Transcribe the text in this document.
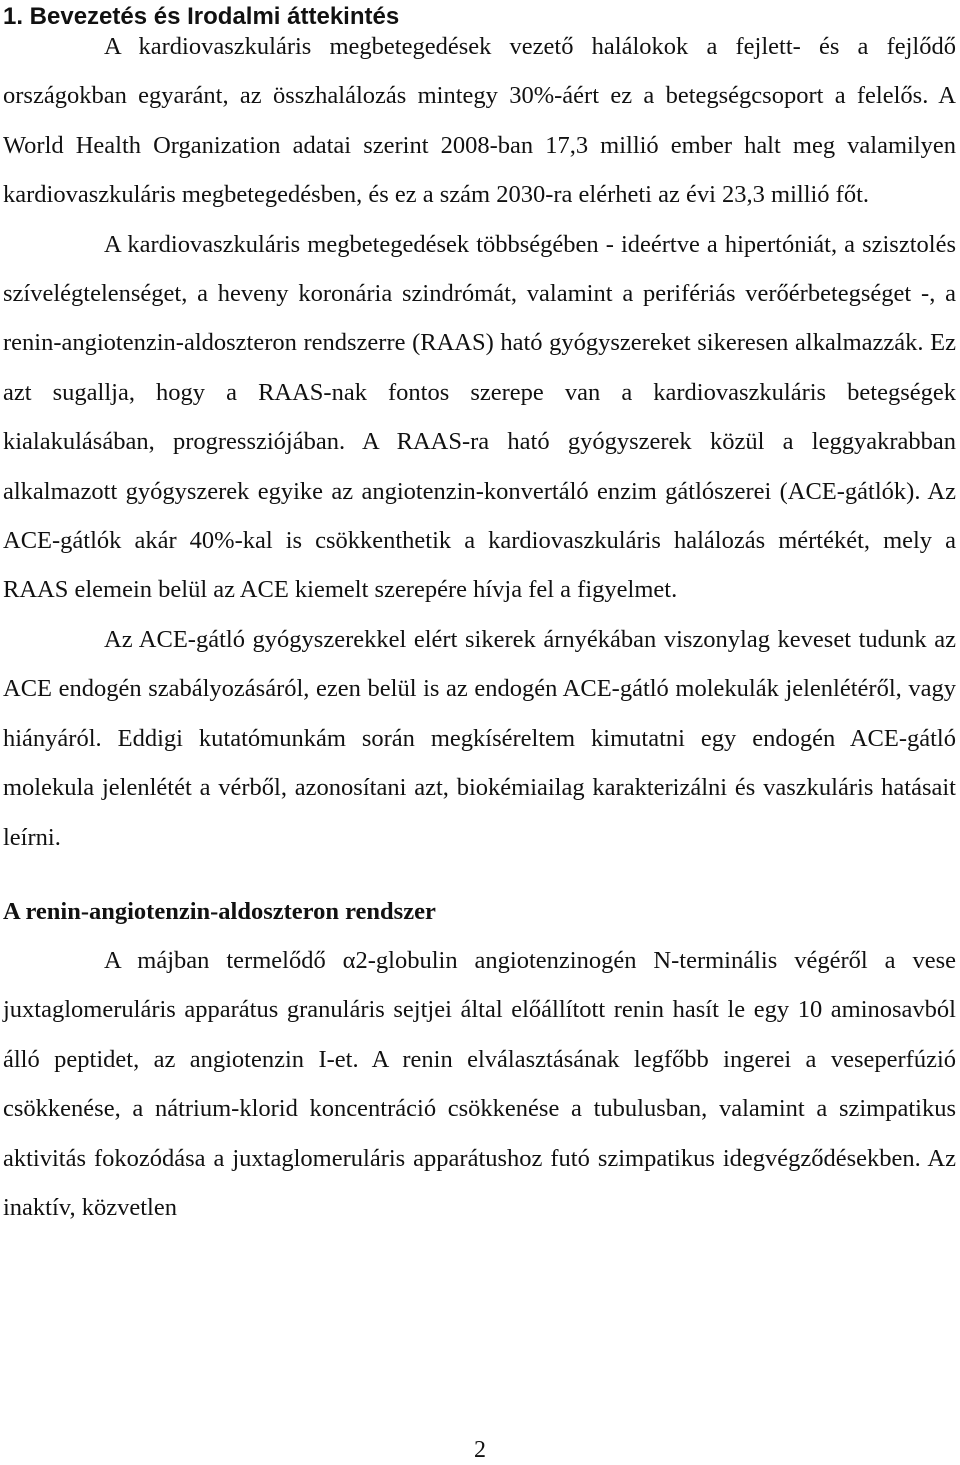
1. Bevezetés és Irodalmi áttekintés

A kardiovaszkuláris megbetegedések vezető halálokok a fejlett- és a fejlődő országokban egyaránt, az összhalálozás mintegy 30%-áért ez a betegségcsoport a felelős. A World Health Organization adatai szerint 2008-ban 17,3 millió ember halt meg valamilyen kardiovaszkuláris megbetegedésben, és ez a szám 2030-ra elérheti az évi 23,3 millió főt.

A kardiovaszkuláris megbetegedések többségében - ideértve a hipertóniát, a szisztolés szívelégtelenséget, a heveny koronária szindrómát, valamint a perifériás verőérbetegséget -, a renin-angiotenzin-aldoszteron rendszerre (RAAS) ható gyógyszereket sikeresen alkalmazzák. Ez azt sugallja, hogy a RAAS-nak fontos szerepe van a kardiovaszkuláris betegségek kialakulásában, progressziójában. A RAAS-ra ható gyógyszerek közül a leggyakrabban alkalmazott gyógyszerek egyike az angiotenzin-konvertáló enzim gátlószerei (ACE-gátlók). Az ACE-gátlók akár 40%-kal is csökkenthetik a kardiovaszkuláris halálozás mértékét, mely a RAAS elemein belül az ACE kiemelt szerepére hívja fel a figyelmet.

Az ACE-gátló gyógyszerekkel elért sikerek árnyékában viszonylag keveset tudunk az ACE endogén szabályozásáról, ezen belül is az endogén ACE-gátló molekulák jelenlétéről, vagy hiányáról. Eddigi kutatómunkám során megkíséreltem kimutatni egy endogén ACE-gátló molekula jelenlétét a vérből, azonosítani azt, biokémiailag karakterizálni és vaszkuláris hatásait leírni.

A renin-angiotenzin-aldoszteron rendszer

A májban termelődő α2-globulin angiotenzinogén N-terminális végéről a vese juxtaglomeruláris apparátus granuláris sejtjei által előállított renin hasít le egy 10 aminosavból álló peptidet, az angiotenzin I-et. A renin elválasztásának legfőbb ingerei a veseperfúzió csökkenése, a nátrium-klorid koncentráció csökkenése a tubulusban, valamint a szimpatikus aktivitás fokozódása a juxtaglomeruláris apparátushoz futó szimpatikus idegvégződésekben. Az inaktív, közvetlen

2
